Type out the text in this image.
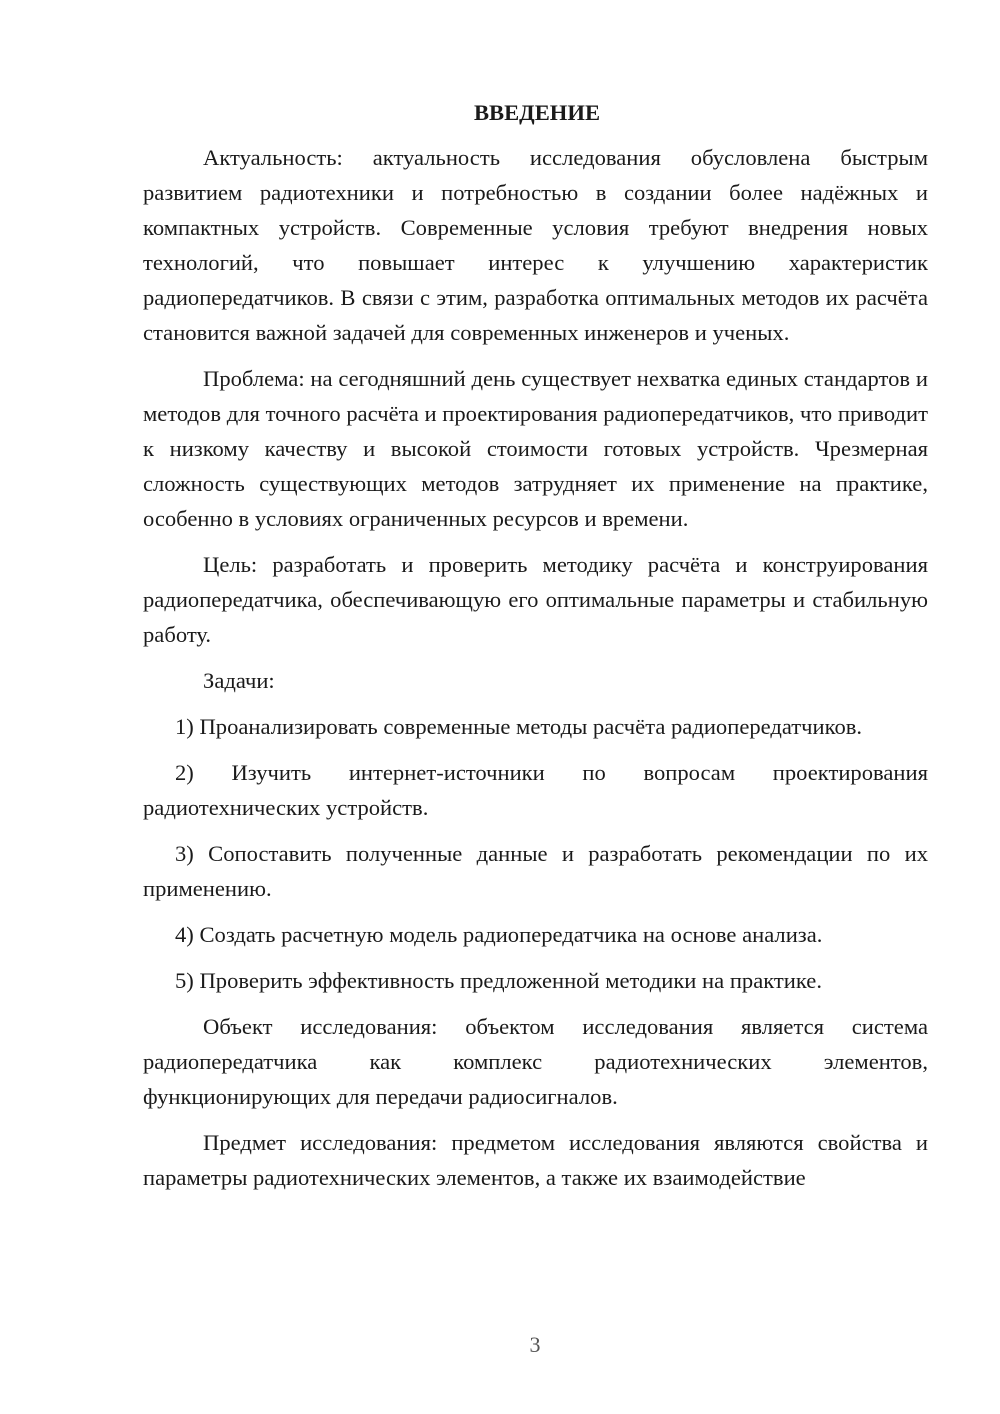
ВВЕДЕНИЕ

Актуальность: актуальность исследования обусловлена быстрым развитием радиотехники и потребностью в создании более надёжных и компактных устройств. Современные условия требуют внедрения новых технологий, что повышает интерес к улучшению характеристик радиопередатчиков. В связи с этим, разработка оптимальных методов их расчёта становится важной задачей для современных инженеров и ученых.

Проблема: на сегодняшний день существует нехватка единых стандартов и методов для точного расчёта и проектирования радиопередатчиков, что приводит к низкому качеству и высокой стоимости готовых устройств. Чрезмерная сложность существующих методов затрудняет их применение на практике, особенно в условиях ограниченных ресурсов и времени.

Цель: разработать и проверить методику расчёта и конструирования радиопередатчика, обеспечивающую его оптимальные параметры и стабильную работу.

Задачи:

1) Проанализировать современные методы расчёта радиопередатчиков.

2) Изучить интернет-источники по вопросам проектирования радиотехнических устройств.

3) Сопоставить полученные данные и разработать рекомендации по их применению.

4) Создать расчетную модель радиопередатчика на основе анализа.

5) Проверить эффективность предложенной методики на практике.

Объект исследования: объектом исследования является система радиопередатчика как комплекс радиотехнических элементов, функционирующих для передачи радиосигналов.

Предмет исследования: предметом исследования являются свойства и параметры радиотехнических элементов, а также их взаимодействие

3
